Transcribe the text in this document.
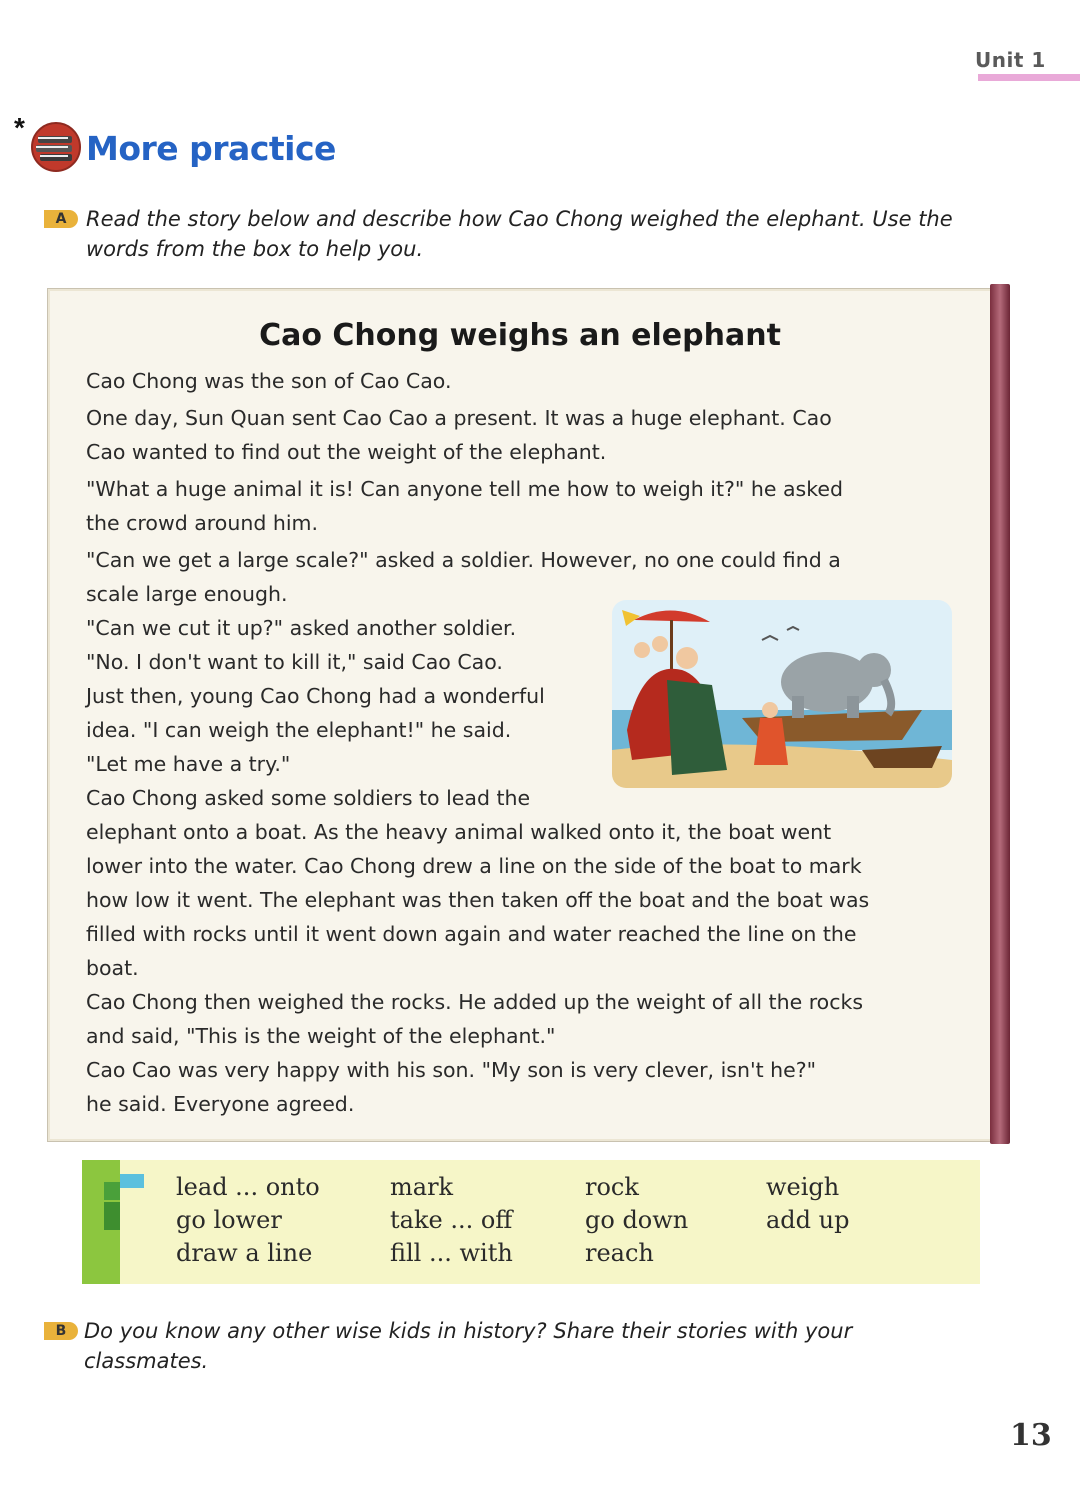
Unit 1
*
More practice
A Read the story below and describe how Cao Chong weighed the elephant. Use the
words from the box to help you.
Cao Chong weighs an elephant

Cao Chong was the son of Cao Cao.

One day, Sun Quan sent Cao Cao a present. It was a huge elephant. Cao

Cao wanted to find out the weight of the elephant.

"What a huge animal it is! Can anyone tell me how to weigh it?" he asked

the crowd around him.

"Can we get a large scale?" asked a soldier. However, no one could find a

scale large enough.

"Can we cut it up?" asked another soldier.

"No. I don't want to kill it," said Cao Cao.

Just then, young Cao Chong had a wonderful

idea. "I can weigh the elephant!" he said.

"Let me have a try."

Cao Chong asked some soldiers to lead the

elephant onto a boat. As the heavy animal walked onto it, the boat went

lower into the water. Cao Chong drew a line on the side of the boat to mark

how low it went. The elephant was then taken off the boat and the boat was

filled with rocks until it went down again and water reached the line on the

boat.

Cao Chong then weighed the rocks. He added up the weight of all the rocks

and said, "This is the weight of the elephant."

Cao Cao was very happy with his son. "My son is very clever, isn't he?"

he said. Everyone agreed.

lead ... onto
go lower
draw a line
mark
take ... off
fill ... with
rock
go down
reach
weigh
add up
B Do you know any other wise kids in history? Share their stories with your
classmates.
13
